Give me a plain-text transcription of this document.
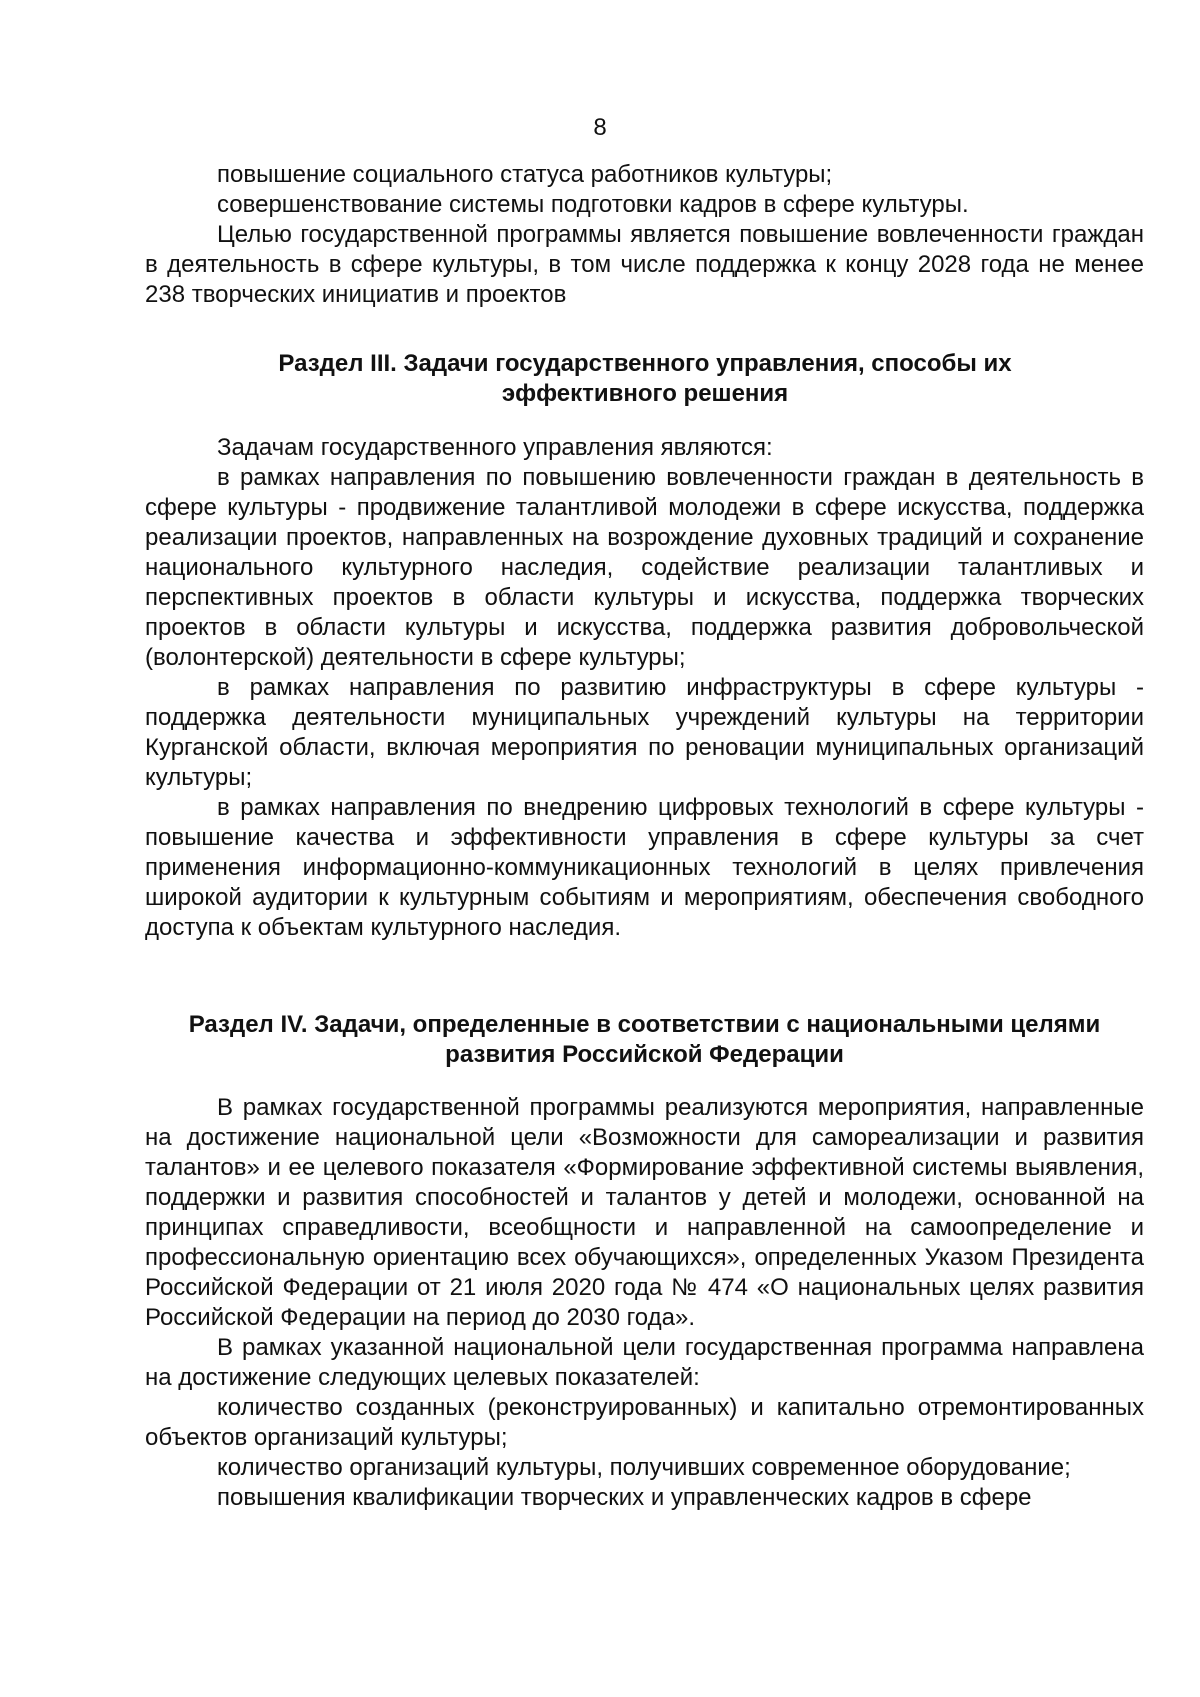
8

повышение социального статуса работников культуры;

совершенствование системы подготовки кадров в сфере культуры.

Целью государственной программы является повышение вовлеченности граждан в деятельность в сфере культуры, в том числе поддержка к концу 2028 года не менее 238 творческих инициатив и проектов

Раздел III. Задачи государственного управления, способы их эффективного решения

Задачам государственного управления являются:

в рамках направления по повышению вовлеченности граждан в деятельность в сфере культуры - продвижение талантливой молодежи в сфере искусства, поддержка реализации проектов, направленных на возрождение духовных традиций и сохранение национального культурного наследия, содействие реализации талантливых и перспективных проектов в области культуры и искусства, поддержка творческих проектов в области культуры и искусства, поддержка развития добровольческой (волонтерской) деятельности в сфере культуры;

в рамках направления по развитию инфраструктуры в сфере культуры - поддержка деятельности муниципальных учреждений культуры на территории Курганской области, включая мероприятия по реновации муниципальных организаций культуры;

в рамках направления по внедрению цифровых технологий в сфере культуры - повышение качества и эффективности управления в сфере культуры за счет применения информационно-коммуникационных технологий в целях привлечения широкой аудитории к культурным событиям и мероприятиям, обеспечения свободного доступа к объектам культурного наследия.

Раздел IV. Задачи, определенные в соответствии с национальными целями развития Российской Федерации

В рамках государственной программы реализуются мероприятия, направленные на достижение национальной цели «Возможности для самореализации и развития талантов» и ее целевого показателя «Формирование эффективной системы выявления, поддержки и развития способностей и талантов у детей и молодежи, основанной на принципах справедливости, всеобщности и направленной на самоопределение и профессиональную ориентацию всех обучающихся», определенных Указом Президента Российской Федерации от 21 июля 2020 года № 474 «О национальных целях развития Российской Федерации на период до 2030 года».

В рамках указанной национальной цели государственная программа направлена на достижение следующих целевых показателей:

количество созданных (реконструированных) и капитально отремонтированных объектов организаций культуры;

количество организаций культуры, получивших современное оборудование;

повышения квалификации творческих и управленческих кадров в сфере
